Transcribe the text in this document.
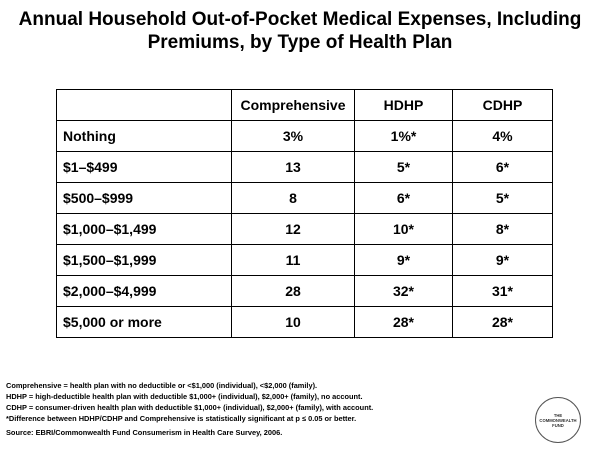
Annual Household Out-of-Pocket Medical Expenses, Including
Premiums, by Type of Health Plan
	Comprehensive	HDHP	CDHP
Nothing	3%	1%*	4%
$1–$499	13	5*	6*
$500–$999	8	6*	5*
$1,000–$1,499	12	10*	8*
$1,500–$1,999	11	9*	9*
$2,000–$4,999	28	32*	31*
$5,000 or more	10	28*	28*
Comprehensive = health plan with no deductible or <$1,000 (individual), <$2,000 (family).
HDHP = high-deductible health plan with deductible $1,000+ (individual), $2,000+ (family), no account.
CDHP = consumer-driven health plan with deductible $1,000+ (individual), $2,000+ (family), with account.
*Difference between HDHP/CDHP and Comprehensive is statistically significant at p ≤ 0.05 or better.
Source: EBRI/Commonwealth Fund Consumerism in Health Care Survey, 2006.
THE
COMMONWEALTH
FUND
